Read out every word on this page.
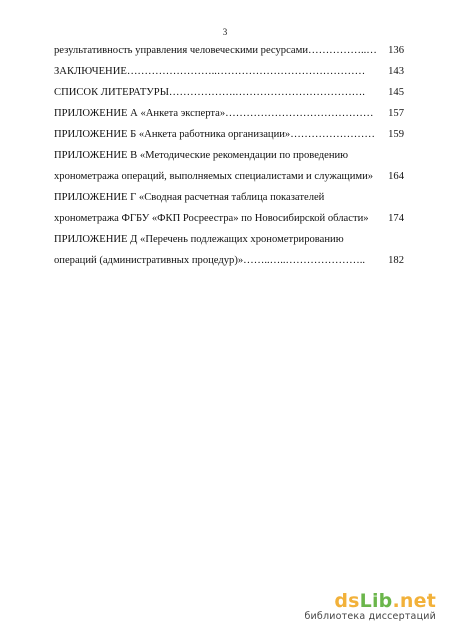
3
результативность управления человеческими ресурсами……………..… 136
ЗАКЛЮЧЕНИЕ……………………..…………………………………… 143
СПИСОК ЛИТЕРАТУРЫ……………….………………………………. 145
ПРИЛОЖЕНИЕ А «Анкета эксперта»…………………………………… 157
ПРИЛОЖЕНИЕ Б «Анкета работника организации»…………………… 159
ПРИЛОЖЕНИЕ В «Методические рекомендации по проведению
хронометража операций, выполняемых специалистами и служащими» 164
ПРИЛОЖЕНИЕ Г «Сводная расчетная таблица показателей
хронометража ФГБУ «ФКП Росреестра» по Новосибирской области» 174
ПРИЛОЖЕНИЕ Д «Перечень подлежащих хронометрированию
операций (административных процедур)»……..…..………………….. 182
dsLib.net
библиотека диссертаций
